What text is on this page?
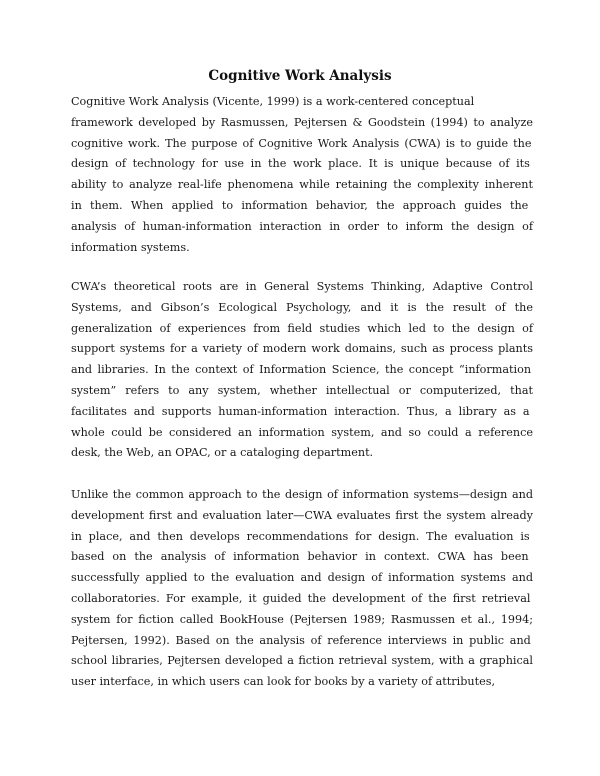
Cognitive Work Analysis

Cognitive Work Analysis (Vicente, 1999) is a work-centered conceptual

framework developed by Rasmussen, Pejtersen & Goodstein (1994) to analyze

cognitive work. The purpose of Cognitive Work Analysis (CWA) is to guide the

design of technology for use in the work place. It is unique because of its

ability to analyze real-life phenomena while retaining the complexity inherent

in them. When applied to information behavior, the approach guides the

analysis of human-information interaction in order to inform the design of

information systems.

CWA’s theoretical roots are in General Systems Thinking, Adaptive Control

Systems, and Gibson’s Ecological Psychology, and it is the result of the

generalization of experiences from field studies which led to the design of

support systems for a variety of modern work domains, such as process plants

and libraries. In the context of Information Science, the concept “information

system” refers to any system, whether intellectual or computerized, that

facilitates and supports human-information interaction. Thus, a library as a

whole could be considered an information system, and so could a reference

desk, the Web, an OPAC, or a cataloging department.

Unlike the common approach to the design of information systems—design and

development first and evaluation later—CWA evaluates first the system already

in place, and then develops recommendations for design. The evaluation is

based on the analysis of information behavior in context. CWA has been

successfully applied to the evaluation and design of information systems and

collaboratories. For example, it guided the development of the first retrieval

system for fiction called BookHouse (Pejtersen 1989; Rasmussen et al., 1994;

Pejtersen, 1992). Based on the analysis of reference interviews in public and

school libraries, Pejtersen developed a fiction retrieval system, with a graphical

user interface, in which users can look for books by a variety of attributes,
